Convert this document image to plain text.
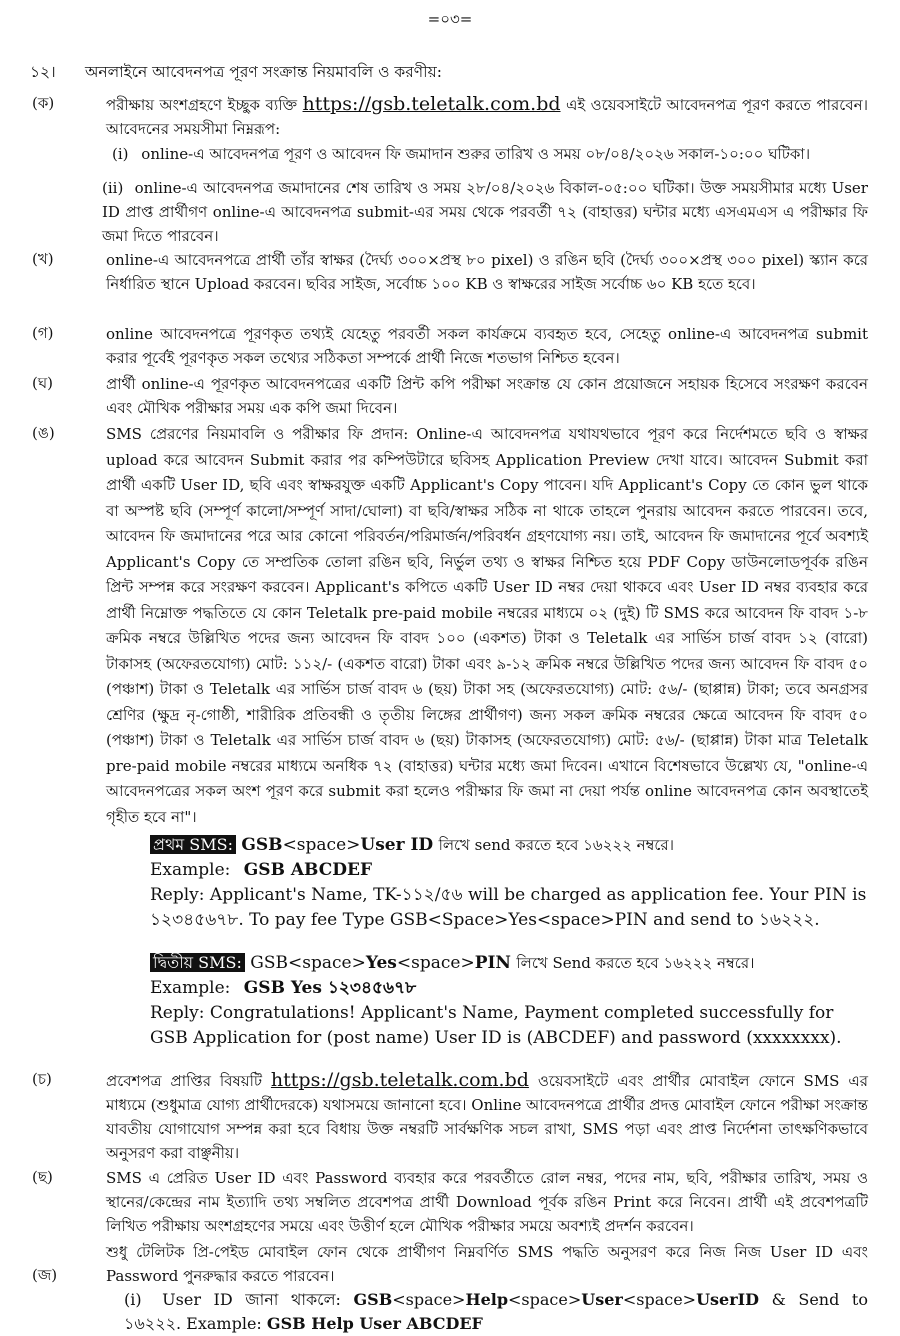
=০৩=
১২। অনলাইনে আবেদনপত্র পূরণ সংক্রান্ত নিয়মাবলি ও করণীয়:
(ক)	পরীক্ষায় অংশগ্রহণে ইচ্ছুক ব্যক্তি https://gsb.teletalk.com.bd এই ওয়েবসাইটে আবেদনপত্র পূরণ করতে পারবেন। আবেদনের সময়সীমা নিম্নরূপ:
(i) online-এ আবেদনপত্র পূরণ ও আবেদন ফি জমাদান শুরুর তারিখ ও সময় ০৮/০৪/২০২৬ সকাল-১০:০০ ঘটিকা।
(ii) online-এ আবেদনপত্র জমাদানের শেষ তারিখ ও সময় ২৮/০৪/২০২৬ বিকাল-০৫:০০ ঘটিকা। উক্ত সময়সীমার মধ্যে User ID প্রাপ্ত প্রার্থীগণ online-এ আবেদনপত্র submit-এর সময় থেকে পরবর্তী ৭২ (বাহাত্তর) ঘন্টার মধ্যে এসএমএস এ পরীক্ষার ফি জমা দিতে পারবেন।
(খ)	online-এ আবেদনপত্রে প্রার্থী তাঁর স্বাক্ষর (দৈর্ঘ্য ৩০০×প্রস্থ ৮০ pixel) ও রঙিন ছবি (দৈর্ঘ্য ৩০০×প্রস্থ ৩০০ pixel) স্ক্যান করে নির্ধারিত স্থানে Upload করবেন। ছবির সাইজ, সর্বোচ্চ ১০০ KB ও স্বাক্ষরের সাইজ সর্বোচ্চ ৬০ KB হতে হবে।
(গ)	online আবেদনপত্রে পূরণকৃত তথ্যই যেহেতু পরবর্তী সকল কার্যক্রমে ব্যবহৃত হবে, সেহেতু online-এ আবেদনপত্র submit করার পূর্বেই পূরণকৃত সকল তথ্যের সঠিকতা সম্পর্কে প্রার্থী নিজে শতভাগ নিশ্চিত হবেন।
(ঘ)	প্রার্থী online-এ পূরণকৃত আবেদনপত্রের একটি প্রিন্ট কপি পরীক্ষা সংক্রান্ত যে কোন প্রয়োজনে সহায়ক হিসেবে সংরক্ষণ করবেন এবং মৌখিক পরীক্ষার সময় এক কপি জমা দিবেন।
(ঙ)	SMS প্রেরণের নিয়মাবলি ও পরীক্ষার ফি প্রদান: Online-এ আবেদনপত্র যথাযথভাবে পূরণ করে নির্দেশমতে ছবি ও স্বাক্ষর upload করে আবেদন Submit করার পর কম্পিউটারে ছবিসহ Application Preview দেখা যাবে। আবেদন Submit করা প্রার্থী একটি User ID, ছবি এবং স্বাক্ষরযুক্ত একটি Applicant's Copy পাবেন। যদি Applicant's Copy তে কোন ভুল থাকে বা অস্পষ্ট ছবি (সম্পূর্ণ কালো/সম্পূর্ণ সাদা/ঘোলা) বা ছবি/স্বাক্ষর সঠিক না থাকে তাহলে পুনরায় আবেদন করতে পারবেন। তবে, আবেদন ফি জমাদানের পরে আর কোনো পরিবর্তন/পরিমার্জন/পরিবর্ধন গ্রহণযোগ্য নয়। তাই, আবেদন ফি জমাদানের পূর্বে অবশ্যই Applicant's Copy তে সম্প্রতিক তোলা রঙিন ছবি, নির্ভুল তথ্য ও স্বাক্ষর নিশ্চিত হয়ে PDF Copy ডাউনলোডপূর্বক রঙিন প্রিন্ট সম্পন্ন করে সংরক্ষণ করবেন। Applicant's কপিতে একটি User ID নম্বর দেয়া থাকবে এবং User ID নম্বর ব্যবহার করে প্রার্থী নিম্নোক্ত পদ্ধতিতে যে কোন Teletalk pre-paid mobile নম্বরের মাধ্যমে ০২ (দুই) টি SMS করে আবেদন ফি বাবদ ১-৮ ক্রমিক নম্বরে উল্লিখিত পদের জন্য আবেদন ফি বাবদ ১০০ (একশত) টাকা ও Teletalk এর সার্ভিস চার্জ বাবদ ১২ (বারো) টাকাসহ (অফেরতযোগ্য) মোট: ১১২/- (একশত বারো) টাকা এবং ৯-১২ ক্রমিক নম্বরে উল্লিখিত পদের জন্য আবেদন ফি বাবদ ৫০ (পঞ্চাশ) টাকা ও Teletalk এর সার্ভিস চার্জ বাবদ ৬ (ছয়) টাকা সহ (অফেরতযোগ্য) মোট: ৫৬/- (ছাপ্পান্ন) টাকা; তবে অনগ্রসর শ্রেণির (ক্ষুদ্র নৃ-গোষ্ঠী, শারীরিক প্রতিবন্ধী ও তৃতীয় লিঙ্গের প্রার্থীগণ) জন্য সকল ক্রমিক নম্বরের ক্ষেত্রে আবেদন ফি বাবদ ৫০ (পঞ্চাশ) টাকা ও Teletalk এর সার্ভিস চার্জ বাবদ ৬ (ছয়) টাকাসহ (অফেরতযোগ্য) মোট: ৫৬/- (ছাপ্পান্ন) টাকা মাত্র Teletalk pre-paid mobile নম্বরের মাধ্যমে অনধিক ৭২ (বাহাত্তর) ঘন্টার মধ্যে জমা দিবেন। এখানে বিশেষভাবে উল্লেখ্য যে, "online-এ আবেদনপত্রের সকল অংশ পূরণ করে submit করা হলেও পরীক্ষার ফি জমা না দেয়া পর্যন্ত online আবেদনপত্র কোন অবস্থাতেই গৃহীত হবে না"।
প্রথম SMS: GSB<space>User ID লিখে send করতে হবে ১৬২২২ নম্বরে।
Example: GSB ABCDEF
Reply: Applicant's Name, TK-১১২/৫৬ will be charged as application fee. Your PIN is ১২৩৪৫৬৭৮. To pay fee Type GSB<Space>Yes<space>PIN and send to ১৬২২২.
দ্বিতীয় SMS: GSB<space>Yes<space>PIN লিখে Send করতে হবে ১৬২২২ নম্বরে।
Example: GSB Yes ১২৩৪৫৬৭৮
Reply: Congratulations! Applicant's Name, Payment completed successfully for GSB Application for (post name) User ID is (ABCDEF) and password (xxxxxxxx).
(চ)	প্রবেশপত্র প্রাপ্তির বিষয়টি https://gsb.teletalk.com.bd ওয়েবসাইটে এবং প্রার্থীর মোবাইল ফোনে SMS এর মাধ্যমে (শুধুমাত্র যোগ্য প্রার্থীদেরকে) যথাসময়ে জানানো হবে। Online আবেদনপত্রে প্রার্থীর প্রদত্ত মোবাইল ফোনে পরীক্ষা সংক্রান্ত যাবতীয় যোগাযোগ সম্পন্ন করা হবে বিধায় উক্ত নম্বরটি সার্বক্ষণিক সচল রাখা, SMS পড়া এবং প্রাপ্ত নির্দেশনা তাৎক্ষণিকভাবে অনুসরণ করা বাঞ্ছনীয়।
(ছ)	SMS এ প্রেরিত User ID এবং Password ব্যবহার করে পরবর্তীতে রোল নম্বর, পদের নাম, ছবি, পরীক্ষার তারিখ, সময় ও স্থানের/কেন্দ্রের নাম ইত্যাদি তথ্য সম্বলিত প্রবেশপত্র প্রার্থী Download পূর্বক রঙিন Print করে নিবেন। প্রার্থী এই প্রবেশপত্রটি লিখিত পরীক্ষায় অংশগ্রহণের সময়ে এবং উত্তীর্ণ হলে মৌখিক পরীক্ষার সময়ে অবশ্যই প্রদর্শন করবেন।
(জ)
শুধু টেলিটক প্রি-পেইড মোবাইল ফোন থেকে প্রার্থীগণ নিম্নবর্ণিত SMS পদ্ধতি অনুসরণ করে নিজ নিজ User ID এবং Password পুনরুদ্ধার করতে পারবেন।
(i) User ID জানা থাকলে: GSB<space>Help<space>User<space>UserID & Send to ১৬২২২. Example: GSB Help User ABCDEF
